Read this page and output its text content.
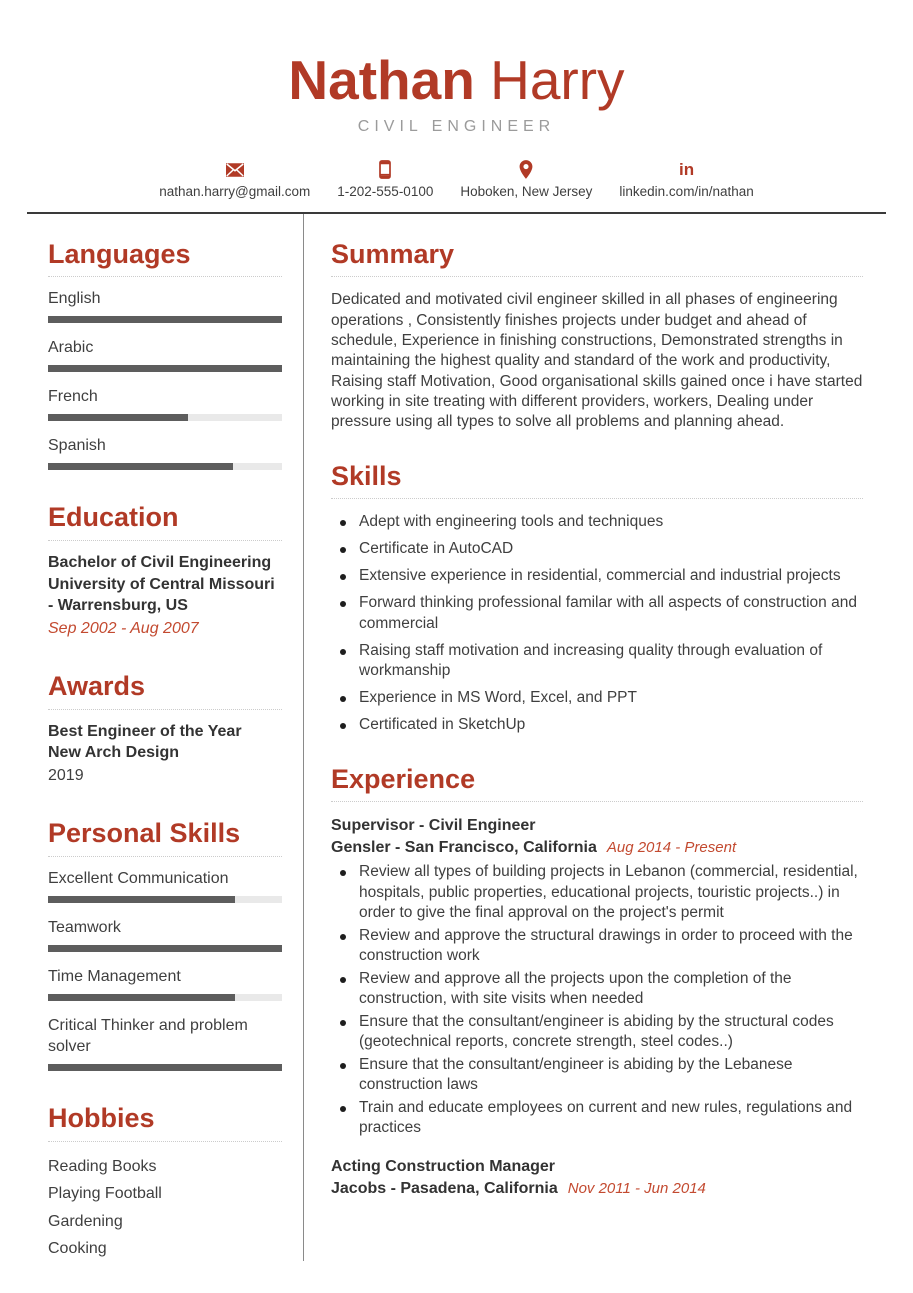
Nathan Harry
CIVIL ENGINEER
nathan.harry@gmail.com 1-202-555-0100 Hoboken, New Jersey
in
linkedin.com/in/nathan
Languages
English
Arabic
French
Spanish
Education
Bachelor of Civil Engineering
University of Central Missouri - Warrensburg, US
Sep 2002 - Aug 2007
Awards
Best Engineer of the Year
New Arch Design
2019
Personal Skills
Excellent Communication
Teamwork
Time Management
Critical Thinker and problem solver
Hobbies
Reading Books
Playing Football
Gardening
Cooking
Summary

Dedicated and motivated civil engineer skilled in all phases of engineering operations , Consistently finishes projects under budget and ahead of schedule, Experience in finishing constructions, Demonstrated strengths in maintaining the highest quality and standard of the work and productivity, Raising staff Motivation, Good organisational skills gained once i have started working in site treating with different providers, workers, Dealing under pressure using all types to solve all problems and planning ahead.

Skills
Adept with engineering tools and techniques
Certificate in AutoCAD
Extensive experience in residential, commercial and industrial projects
Forward thinking professional familar with all aspects of construction and commercial
Raising staff motivation and increasing quality through evaluation of workmanship
Experience in MS Word, Excel, and PPT
Certificated in SketchUp
Experience
Supervisor - Civil Engineer
Gensler - San Francisco, California Aug 2014 - Present
Review all types of building projects in Lebanon (commercial, residential, hospitals, public properties, educational projects, touristic projects..) in order to give the final approval on the project's permit
Review and approve the structural drawings in order to proceed with the construction work
Review and approve all the projects upon the completion of the construction, with site visits when needed
Ensure that the consultant/engineer is abiding by the structural codes (geotechnical reports, concrete strength, steel codes..)
Ensure that the consultant/engineer is abiding by the Lebanese construction laws
Train and educate employees on current and new rules, regulations and practices
Acting Construction Manager
Jacobs - Pasadena, California Nov 2011 - Jun 2014
